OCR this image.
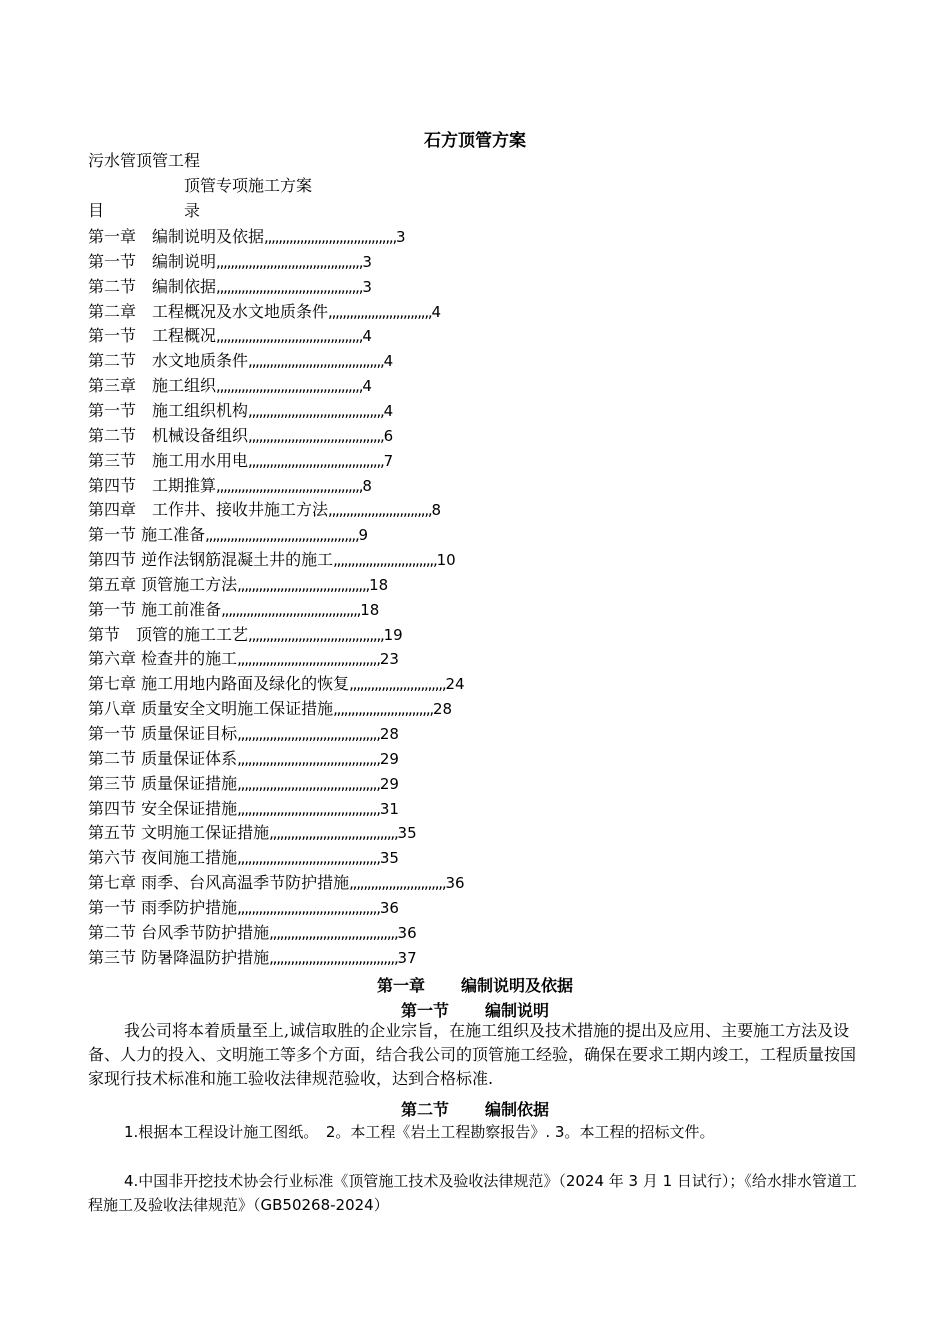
石方顶管方案
污水管顶管工程
顶管专项施工方案
目	录
第一章　编制说明及依据,,,,,,,,,,,,,,,,,,,,,,,,,,,,,,,,,,,,,3
第一节　编制说明,,,,,,,,,,,,,,,,,,,,,,,,,,,,,,,,,,,,,,,,,3
第二节　编制依据,,,,,,,,,,,,,,,,,,,,,,,,,,,,,,,,,,,,,,,,,3
第二章　工程概况及水文地质条件,,,,,,,,,,,,,,,,,,,,,,,,,,,,,4
第一节　工程概况,,,,,,,,,,,,,,,,,,,,,,,,,,,,,,,,,,,,,,,,,4
第二节　水文地质条件,,,,,,,,,,,,,,,,,,,,,,,,,,,,,,,,,,,,,,4
第三章　施工组织,,,,,,,,,,,,,,,,,,,,,,,,,,,,,,,,,,,,,,,,,4
第一节　施工组织机构,,,,,,,,,,,,,,,,,,,,,,,,,,,,,,,,,,,,,,4
第二节　机械设备组织,,,,,,,,,,,,,,,,,,,,,,,,,,,,,,,,,,,,,,6
第三节　施工用水用电,,,,,,,,,,,,,,,,,,,,,,,,,,,,,,,,,,,,,,7
第四节　工期推算,,,,,,,,,,,,,,,,,,,,,,,,,,,,,,,,,,,,,,,,,8
第四章　工作井、接收井施工方法,,,,,,,,,,,,,,,,,,,,,,,,,,,,,8
第一节 施工准备,,,,,,,,,,,,,,,,,,,,,,,,,,,,,,,,,,,,,,,,,,,9
第四节 逆作法钢筋混凝土井的施工,,,,,,,,,,,,,,,,,,,,,,,,,,,,,10
第五章 顶管施工方法,,,,,,,,,,,,,,,,,,,,,,,,,,,,,,,,,,,,,18
第一节 施工前准备,,,,,,,,,,,,,,,,,,,,,,,,,,,,,,,,,,,,,,,18
第节　顶管的施工工艺,,,,,,,,,,,,,,,,,,,,,,,,,,,,,,,,,,,,,,19
第六章 检查井的施工,,,,,,,,,,,,,,,,,,,,,,,,,,,,,,,,,,,,,,,,23
第七章 施工用地内路面及绿化的恢复,,,,,,,,,,,,,,,,,,,,,,,,,,,24
第八章 质量安全文明施工保证措施,,,,,,,,,,,,,,,,,,,,,,,,,,,,28
第一节 质量保证目标,,,,,,,,,,,,,,,,,,,,,,,,,,,,,,,,,,,,,,,,28
第二节 质量保证体系,,,,,,,,,,,,,,,,,,,,,,,,,,,,,,,,,,,,,,,,29
第三节 质量保证措施,,,,,,,,,,,,,,,,,,,,,,,,,,,,,,,,,,,,,,,,29
第四节 安全保证措施,,,,,,,,,,,,,,,,,,,,,,,,,,,,,,,,,,,,,,,,31
第五节 文明施工保证措施,,,,,,,,,,,,,,,,,,,,,,,,,,,,,,,,,,,,35
第六节 夜间施工措施,,,,,,,,,,,,,,,,,,,,,,,,,,,,,,,,,,,,,,,,35
第七章 雨季、台风高温季节防护措施,,,,,,,,,,,,,,,,,,,,,,,,,,,36
第一节 雨季防护措施,,,,,,,,,,,,,,,,,,,,,,,,,,,,,,,,,,,,,,,,36
第二节 台风季节防护措施,,,,,,,,,,,,,,,,,,,,,,,,,,,,,,,,,,,,36
第三节 防暑降温防护措施,,,,,,,,,,,,,,,,,,,,,,,,,,,,,,,,,,,,37
第一章 编制说明及依据
第一节 编制说明
我公司将本着质量至上,诚信取胜的企业宗旨，在施工组织及技术措施的提出及应用、主要施工方法及设备、人力的投入、文明施工等多个方面，结合我公司的顶管施工经验，确保在要求工期内竣工，工程质量按国家现行技术标准和施工验收法律规范验收，达到合格标准.
第二节 编制依据
1.根据本工程设计施工图纸。　2。本工程《岩土工程勘察报告》. 3。本工程的招标文件。
4.中国非开挖技术协会行业标准《顶管施工技术及验收法律规范》（2024 年 3 月 1 日试行）；《给水排水管道工程施工及验收法律规范》（GB50268-2024）
